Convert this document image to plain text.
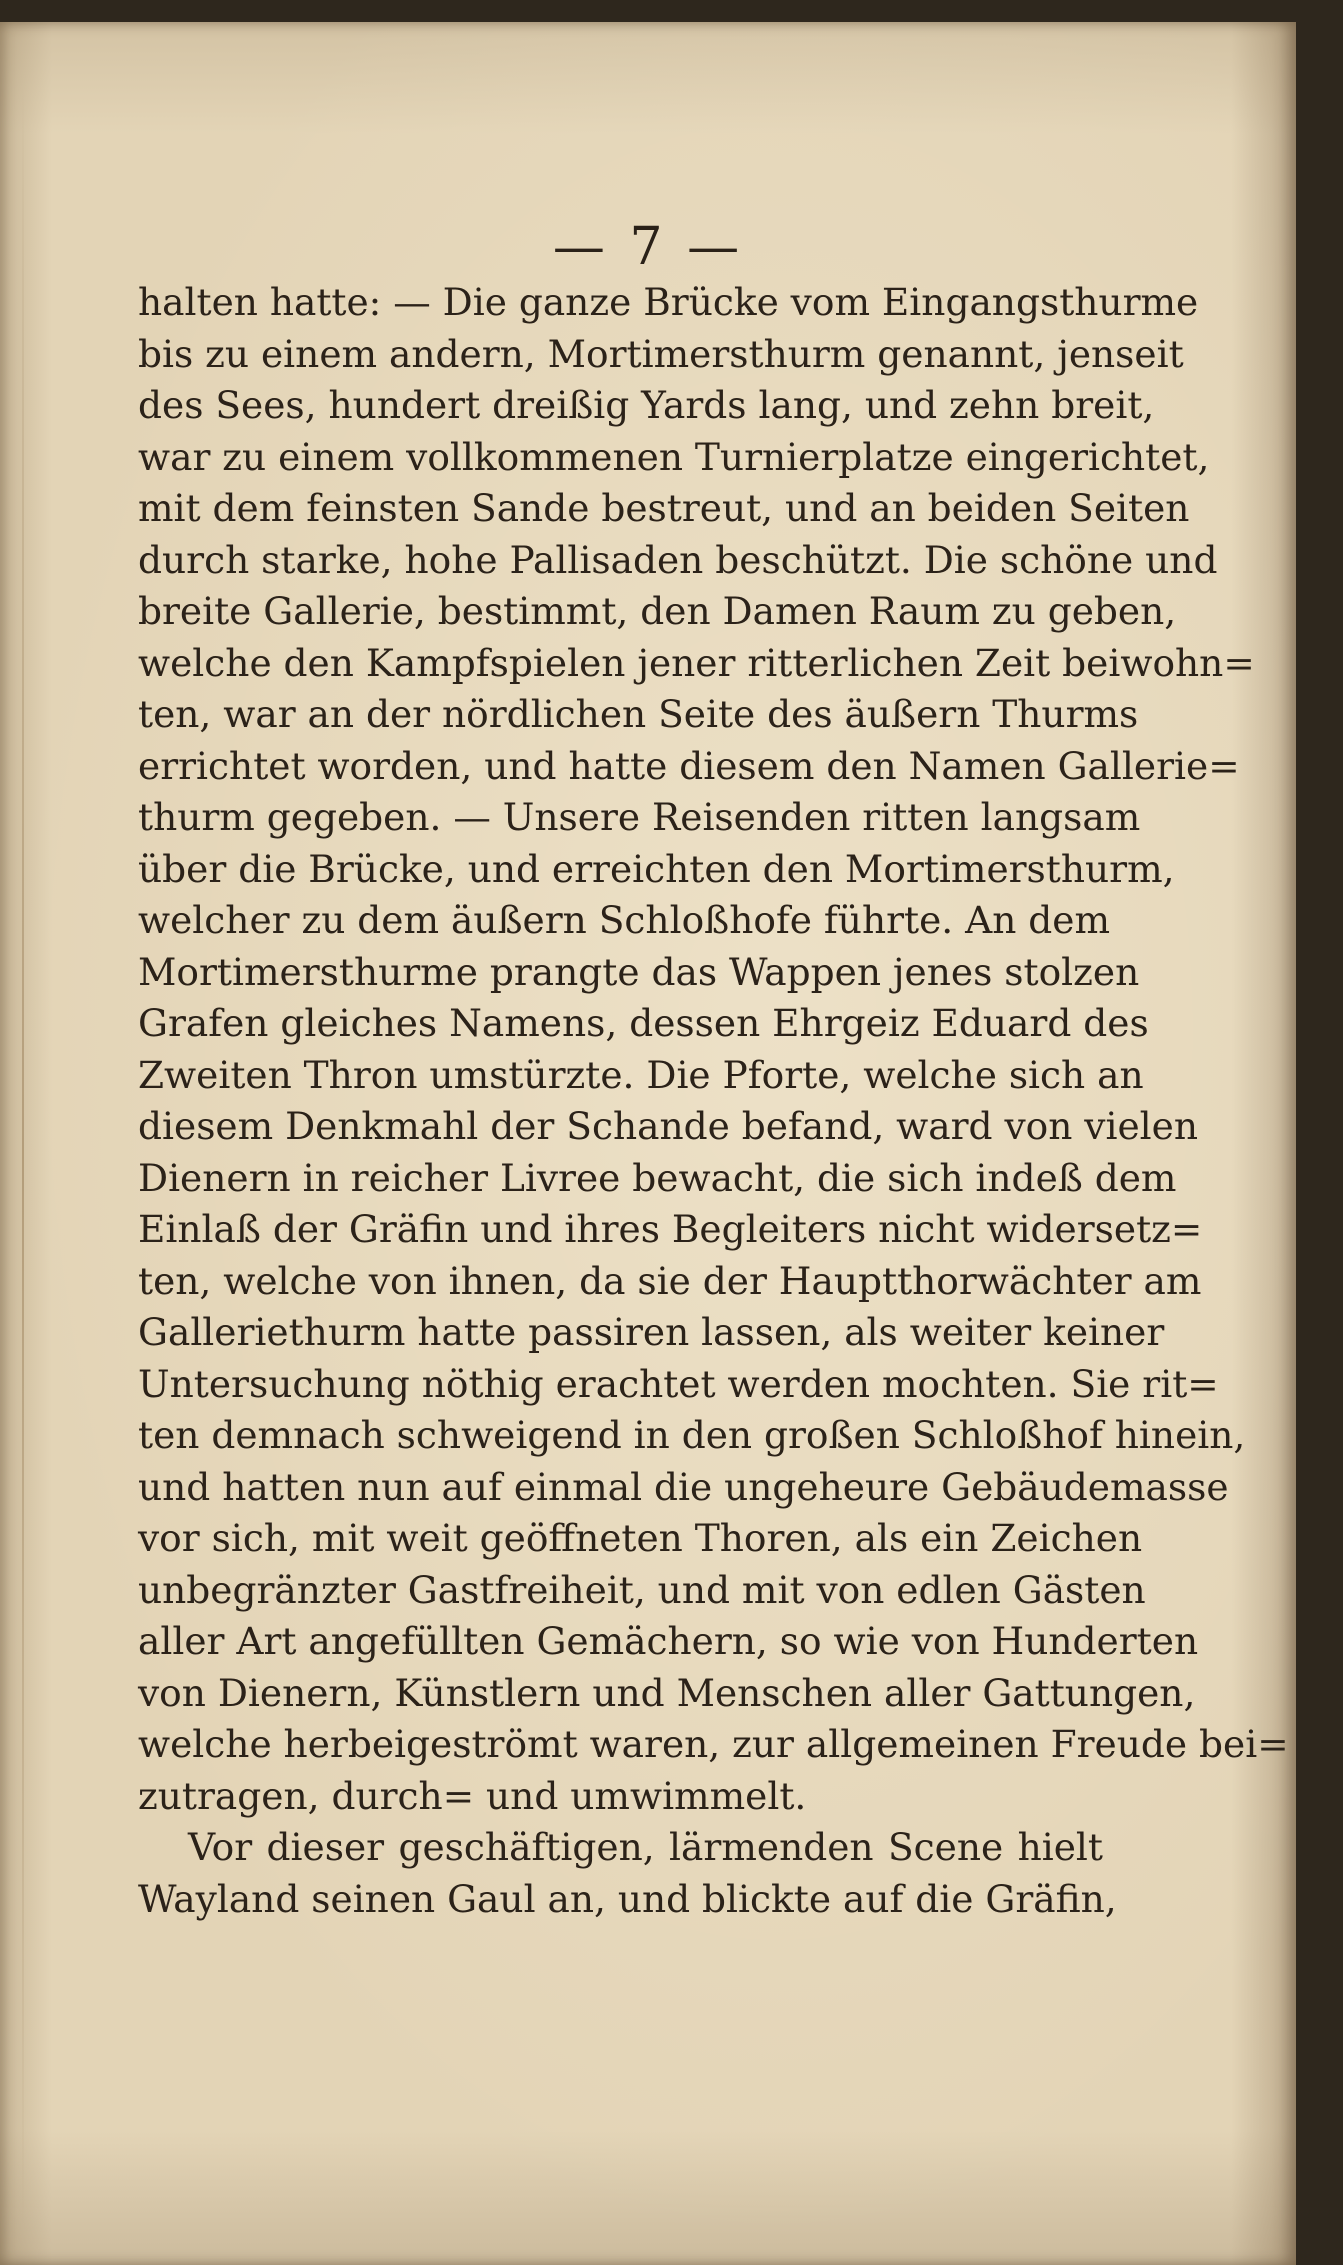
— 7 —
halten hatte: — Die ganze Brücke vom Eingangsthurme
bis zu einem andern, Mortimersthurm genannt, jenseit
des Sees, hundert dreißig Yards lang, und zehn breit,
war zu einem vollkommenen Turnierplatze eingerichtet,
mit dem feinsten Sande bestreut, und an beiden Seiten
durch starke, hohe Pallisaden beschützt. Die schöne und
breite Gallerie, bestimmt, den Damen Raum zu geben,
welche den Kampfspielen jener ritterlichen Zeit beiwohn=
ten, war an der nördlichen Seite des äußern Thurms
errichtet worden, und hatte diesem den Namen Gallerie=
thurm gegeben. — Unsere Reisenden ritten langsam
über die Brücke, und erreichten den Mortimersthurm,
welcher zu dem äußern Schloßhofe führte. An dem
Mortimersthurme prangte das Wappen jenes stolzen
Grafen gleiches Namens, dessen Ehrgeiz Eduard des
Zweiten Thron umstürzte. Die Pforte, welche sich an
diesem Denkmahl der Schande befand, ward von vielen
Dienern in reicher Livree bewacht, die sich indeß dem
Einlaß der Gräfin und ihres Begleiters nicht widersetz=
ten, welche von ihnen, da sie der Hauptthorwächter am
Galleriethurm hatte passiren lassen, als weiter keiner
Untersuchung nöthig erachtet werden mochten. Sie rit=
ten demnach schweigend in den großen Schloßhof hinein,
und hatten nun auf einmal die ungeheure Gebäudemasse
vor sich, mit weit geöffneten Thoren, als ein Zeichen
unbegränzter Gastfreiheit, und mit von edlen Gästen
aller Art angefüllten Gemächern, so wie von Hunderten
von Dienern, Künstlern und Menschen aller Gattungen,
welche herbeigeströmt waren, zur allgemeinen Freude bei=
zutragen, durch= und umwimmelt.
Vor dieser geschäftigen, lärmenden Scene hielt
Wayland seinen Gaul an, und blickte auf die Gräfin,
